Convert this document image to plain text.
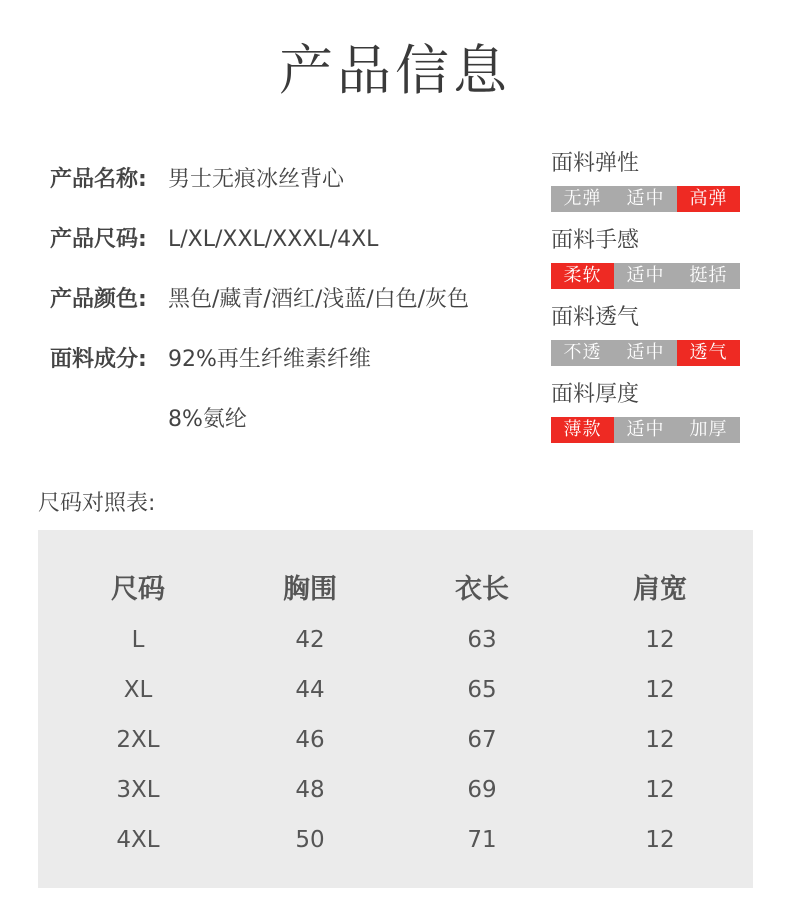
产品信息
产品名称: 男士无痕冰丝背心
产品尺码: L/XL/XXL/XXXL/4XL
产品颜色: 黑色/藏青/酒红/浅蓝/白色/灰色
面料成分: 92%再生纤维素纤维
8%氨纶
面料弹性
无弹	适中	高弹
面料手感
柔软	适中	挺括
面料透气
不透	适中	透气
面料厚度
薄款	适中	加厚
尺码对照表:
尺码	胸围	衣长	肩宽
L	42	63	12
XL	44	65	12
2XL	46	67	12
3XL	48	69	12
4XL	50	71	12
